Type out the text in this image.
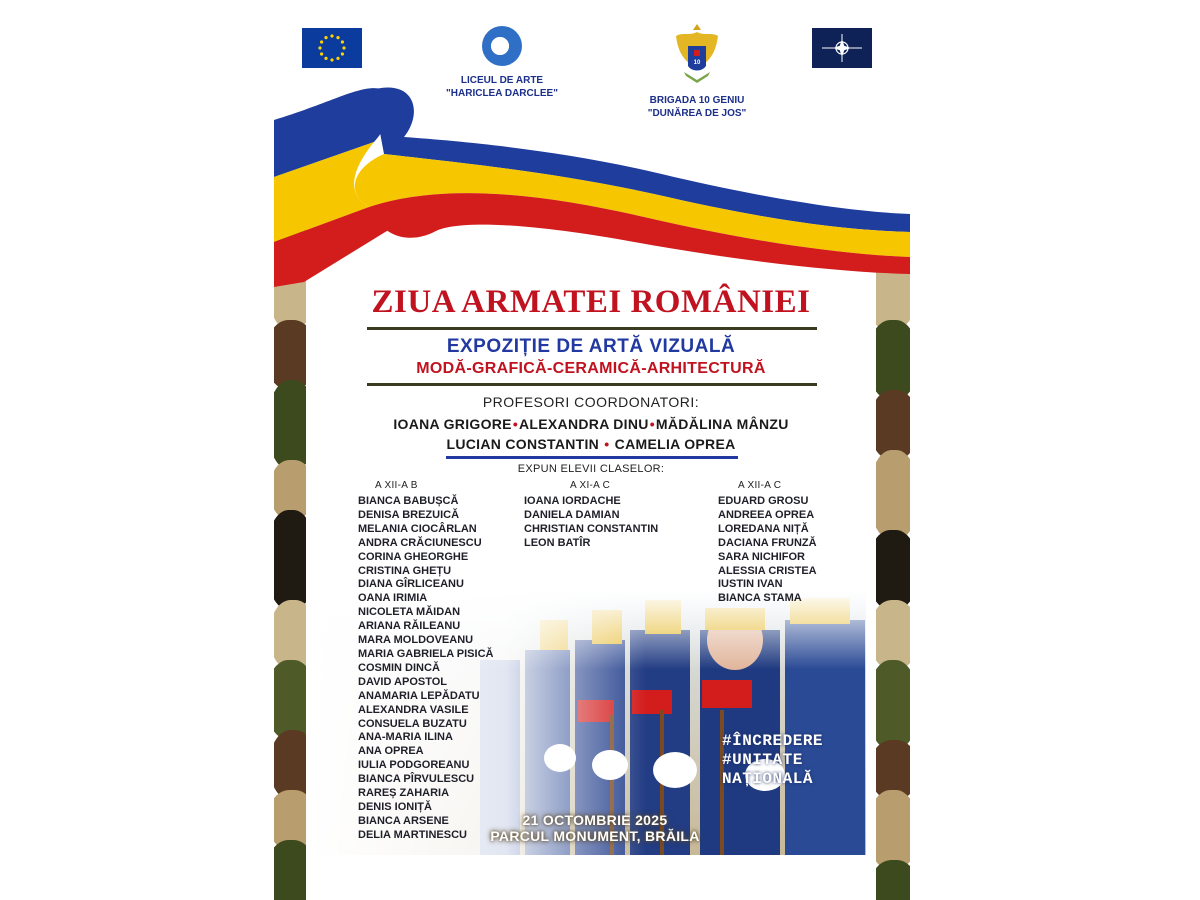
LICEUL DE ARTE
"HARICLEA DARCLEE"
10
BRIGADA 10 GENIU
"DUNĂREA DE JOS"
ZIUA ARMATEI ROMÂNIEI
EXPOZIȚIE DE ARTĂ VIZUALĂ
MODĂ-GRAFICĂ-CERAMICĂ-ARHITECTURĂ
PROFESORI COORDONATORI:
IOANA GRIGORE•ALEXANDRA DINU•MĂDĂLINA MÂNZU
LUCIAN CONSTANTIN • CAMELIA OPREA
EXPUN ELEVII CLASELOR:
A XII-A B	A XI-A C	A XII-A C
BIANCA BABUȘCĂ
DENISA BREZUICĂ
MELANIA CIOCÂRLAN
ANDRA CRĂCIUNESCU
CORINA GHEORGHE
CRISTINA GHEȚU
DIANA GÎRLICEANU
OANA IRIMIA
NICOLETA MĂIDAN
ARIANA RĂILEANU
MARA MOLDOVEANU
MARIA GABRIELA PISICĂ
COSMIN DINCĂ
DAVID APOSTOL
ANAMARIA LEPĂDATU
ALEXANDRA VASILE
CONSUELA BUZATU
ANA-MARIA ILINA
ANA OPREA
IULIA PODGOREANU
BIANCA PÎRVULESCU
RAREȘ ZAHARIA
DENIS IONIȚĂ
BIANCA ARSENE
DELIA MARTINESCU
IOANA IORDACHE
DANIELA DAMIAN
CHRISTIAN CONSTANTIN
LEON BATÎR
EDUARD GROSU
ANDREEA OPREA
LOREDANA NIȚĂ
DACIANA FRUNZĂ
SARA NICHIFOR
ALESSIA CRISTEA
IUSTIN IVAN
BIANCA STAMA
#ÎNCREDERE
#UNITATE
NAȚIONALĂ
21 OCTOMBRIE 2025
PARCUL MONUMENT, BRĂILA
